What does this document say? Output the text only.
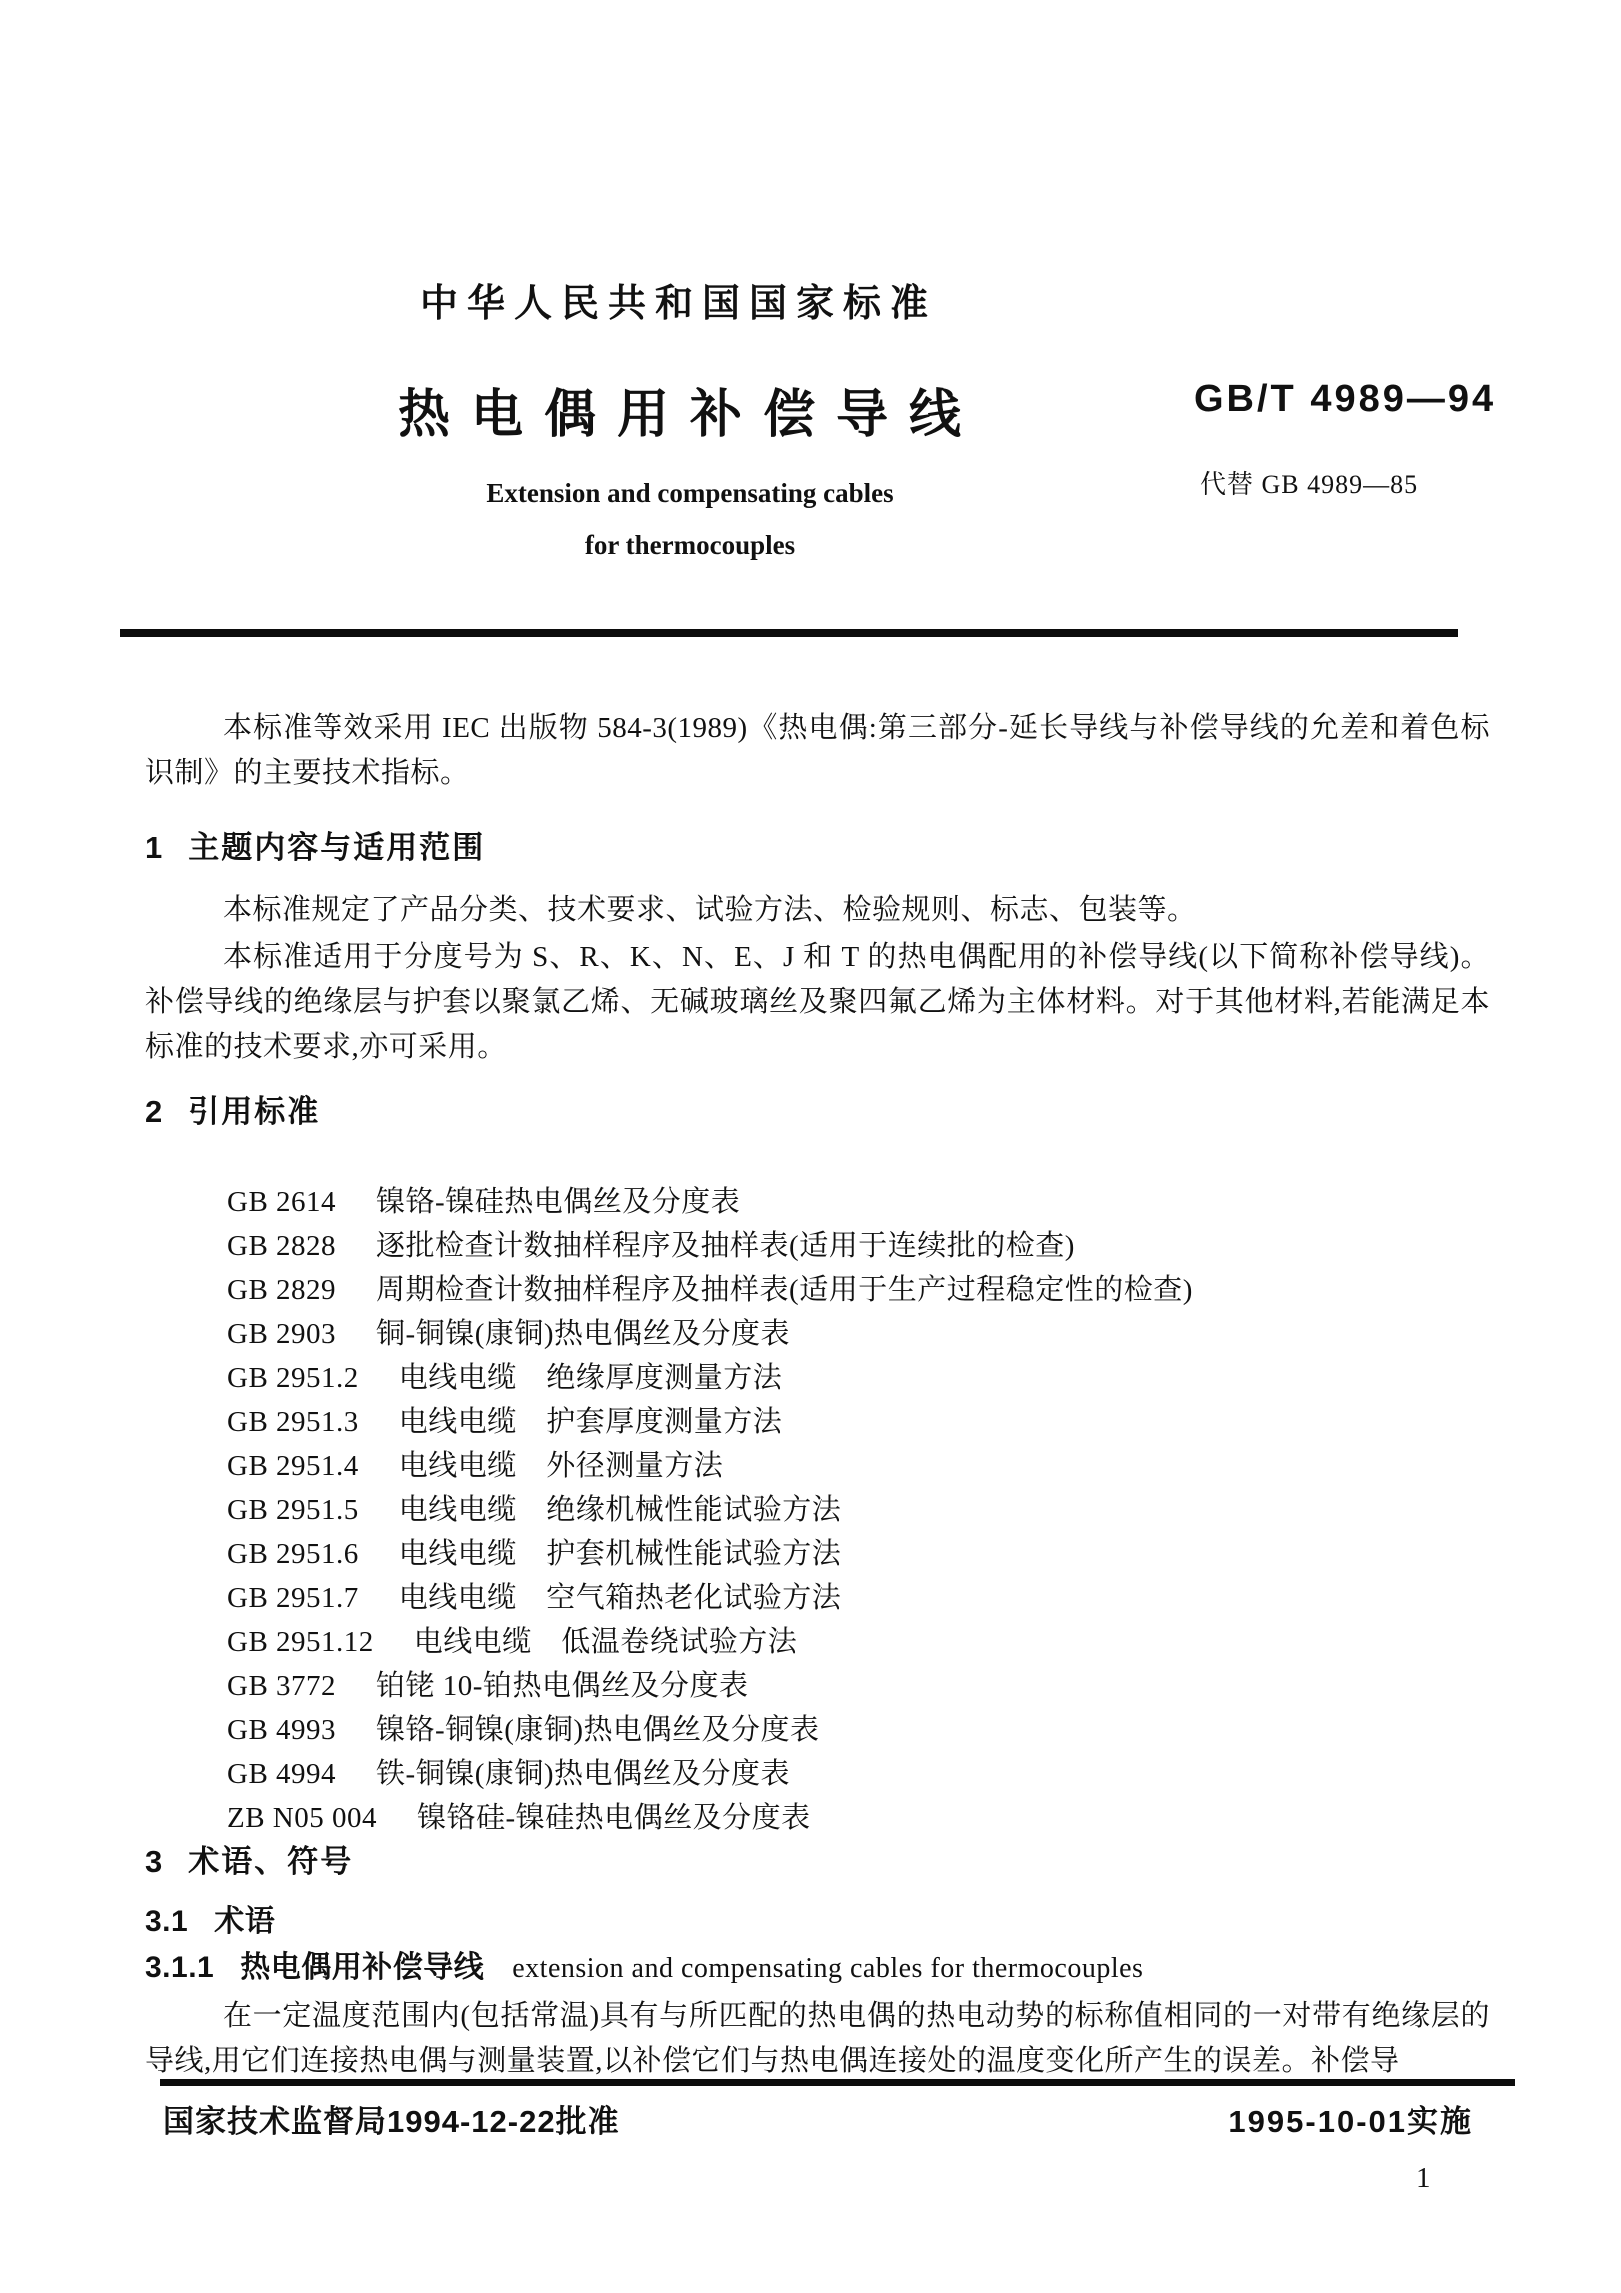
中华人民共和国国家标准
热电偶用补偿导线	GB/T 4989—94
代替 GB 4989—85
Extension and compensating cables
for thermocouples

本标准等效采用 IEC 出版物 584-3(1989)《热电偶:第三部分-延长导线与补偿导线的允差和着色标识制》的主要技术指标。

1 主题内容与适用范围

本标准规定了产品分类、技术要求、试验方法、检验规则、标志、包装等。

本标准适用于分度号为 S、R、K、N、E、J 和 T 的热电偶配用的补偿导线(以下简称补偿导线)。补偿导线的绝缘层与护套以聚氯乙烯、无碱玻璃丝及聚四氟乙烯为主体材料。对于其他材料,若能满足本标准的技术要求,亦可采用。

2 引用标准
GB 2614 镍铬-镍硅热电偶丝及分度表
GB 2828 逐批检查计数抽样程序及抽样表(适用于连续批的检查)
GB 2829 周期检查计数抽样程序及抽样表(适用于生产过程稳定性的检查)
GB 2903 铜-铜镍(康铜)热电偶丝及分度表
GB 2951.2 电线电缆　绝缘厚度测量方法
GB 2951.3 电线电缆　护套厚度测量方法
GB 2951.4 电线电缆　外径测量方法
GB 2951.5 电线电缆　绝缘机械性能试验方法
GB 2951.6 电线电缆　护套机械性能试验方法
GB 2951.7 电线电缆　空气箱热老化试验方法
GB 2951.12 电线电缆　低温卷绕试验方法
GB 3772 铂铑 10-铂热电偶丝及分度表
GB 4993 镍铬-铜镍(康铜)热电偶丝及分度表
GB 4994 铁-铜镍(康铜)热电偶丝及分度表
ZB N05 004 镍铬硅-镍硅热电偶丝及分度表
3 术语、符号
3.1 术语
3.1.1 热电偶用补偿导线 extension and compensating cables for thermocouples

在一定温度范围内(包括常温)具有与所匹配的热电偶的热电动势的标称值相同的一对带有绝缘层的导线,用它们连接热电偶与测量装置,以补偿它们与热电偶连接处的温度变化所产生的误差。补偿导

国家技术监督局1994-12-22批准	1995-10-01实施
1
